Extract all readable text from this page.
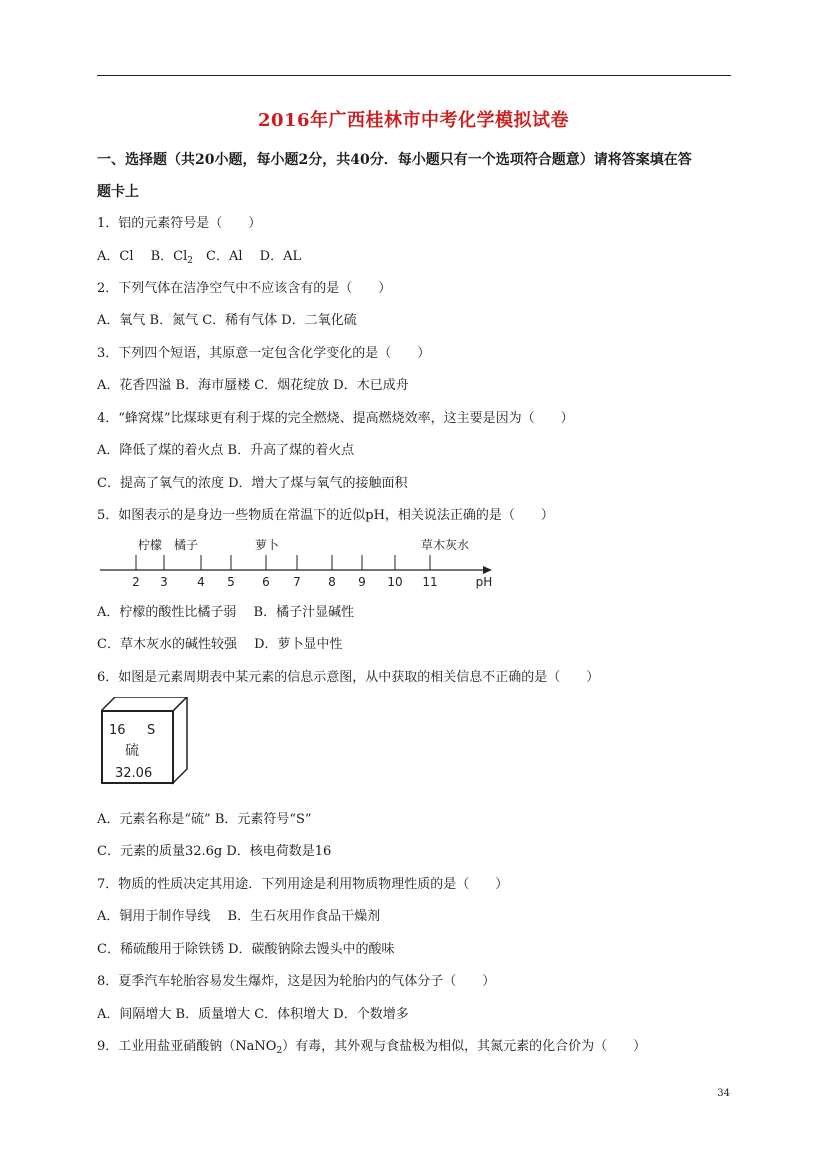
2016年广西桂林市中考化学模拟试卷
一、选择题（共20小题，每小题2分，共40分．每小题只有一个选项符合题意）请将答案填在答
题卡上
1．铝的元素符号是（　　）
A．Cl　 B．$Cl_2$　C．Al　 D．AL
2．下列气体在洁净空气中不应该含有的是（　　）
A．氧气 B．氮气 C．稀有气体 D．二氧化硫
3．下列四个短语，其原意一定包含化学变化的是（　　）
A．花香四溢 B．海市蜃楼 C．烟花绽放 D．木已成舟
4．“蜂窝煤”比煤球更有利于煤的完全燃烧、提高燃烧效率，这主要是因为（　　）
A．降低了煤的着火点 B．升高了煤的着火点
C．提高了氧气的浓度 D．增大了煤与氧气的接触面积
5．如图表示的是身边一些物质在常温下的近似pH，相关说法正确的是（　　）
柠檬 橘子	萝卜	草木灰水
2 3 4 5 6 7 8 9 10 11	pH
A．柠檬的酸性比橘子弱　 B．橘子汁显碱性
C．草木灰水的碱性较强　 D．萝卜显中性
6．如图是元素周期表中某元素的信息示意图，从中获取的相关信息不正确的是（　　）
16 S
硫
32.06
A．元素名称是“硫” B．元素符号“S”
C．元素的质量32.6g D．核电荷数是16
7．物质的性质决定其用途．下列用途是利用物质物理性质的是（　　）
A．铜用于制作导线　 B．生石灰用作食品干燥剂
C．稀硫酸用于除铁锈 D．碳酸钠除去馒头中的酸味
8．夏季汽车轮胎容易发生爆炸，这是因为轮胎内的气体分子（　　）
A．间隔增大 B．质量增大 C．体积增大 D．个数增多
9．工业用盐亚硝酸钠（NaNO$_2$）有毒，其外观与食盐极为相似，其氮元素的化合价为（　　）
34
